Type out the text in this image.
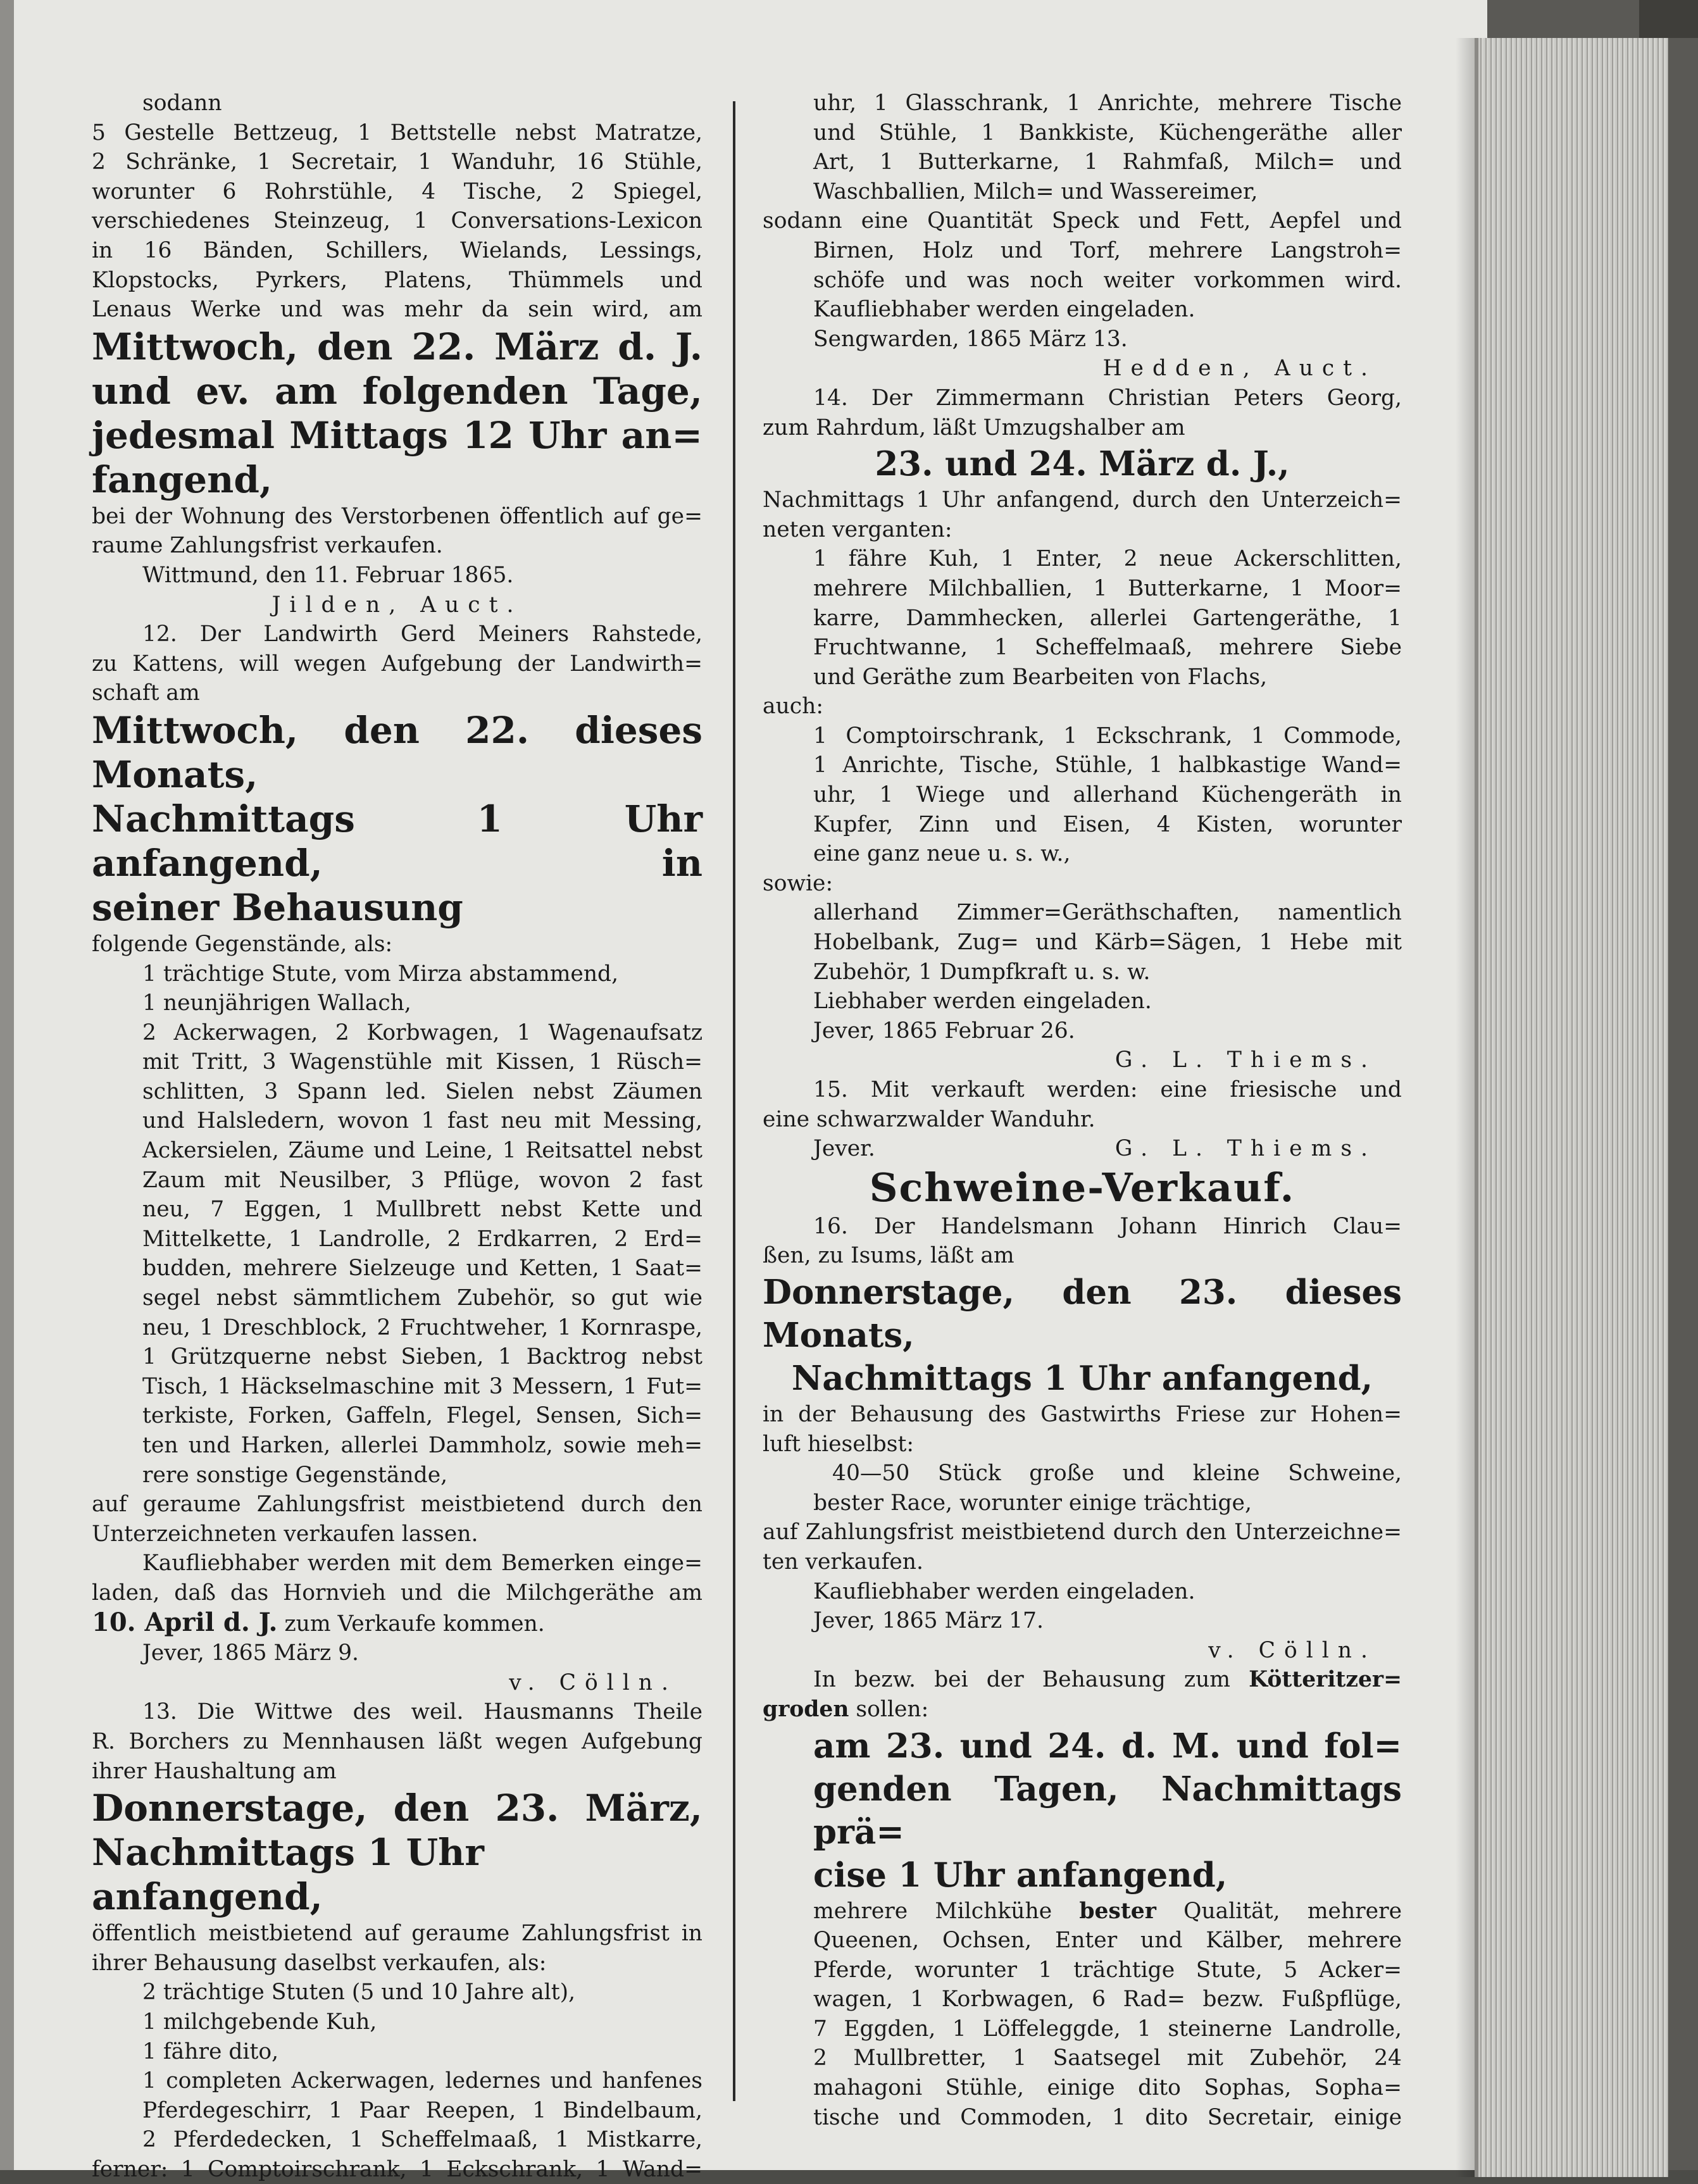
sodann

5 Gestelle Bettzeug, 1 Bettstelle nebst Matratze,

2 Schränke, 1 Secretair, 1 Wanduhr, 16 Stühle,

worunter 6 Rohrstühle, 4 Tische, 2 Spiegel,

verschiedenes Steinzeug, 1 Conversations-Lexicon

in 16 Bänden, Schillers, Wielands, Lessings,

Klopstocks, Pyrkers, Platens, Thümmels und

Lenaus Werke und was mehr da sein wird, am

Mittwoch, den 22. März d. J.

und ev. am folgenden Tage,

jedesmal Mittags 12 Uhr an=

fangend,

bei der Wohnung des Verstorbenen öffentlich auf ge=

raume Zahlungsfrist verkaufen.

Wittmund, den 11. Februar 1865.

Jilden, Auct.

12. Der Landwirth Gerd Meiners Rahstede,

zu Kattens, will wegen Aufgebung der Landwirth=

schaft am

Mittwoch, den 22. dieses Monats,

Nachmittags 1 Uhr anfangend, in

seiner Behausung

folgende Gegenstände, als:

1 trächtige Stute, vom Mirza abstammend,

1 neunjährigen Wallach,

2 Ackerwagen, 2 Korbwagen, 1 Wagenaufsatz

mit Tritt, 3 Wagenstühle mit Kissen, 1 Rüsch=

schlitten, 3 Spann led. Sielen nebst Zäumen

und Halsledern, wovon 1 fast neu mit Messing,

Ackersielen, Zäume und Leine, 1 Reitsattel nebst

Zaum mit Neusilber, 3 Pflüge, wovon 2 fast

neu, 7 Eggen, 1 Mullbrett nebst Kette und

Mittelkette, 1 Landrolle, 2 Erdkarren, 2 Erd=

budden, mehrere Sielzeuge und Ketten, 1 Saat=

segel nebst sämmtlichem Zubehör, so gut wie

neu, 1 Dreschblock, 2 Fruchtweher, 1 Kornraspe,

1 Grützquerne nebst Sieben, 1 Backtrog nebst

Tisch, 1 Häckselmaschine mit 3 Messern, 1 Fut=

terkiste, Forken, Gaffeln, Flegel, Sensen, Sich=

ten und Harken, allerlei Dammholz, sowie meh=

rere sonstige Gegenstände,

auf geraume Zahlungsfrist meistbietend durch den

Unterzeichneten verkaufen lassen.

Kaufliebhaber werden mit dem Bemerken einge=

laden, daß das Hornvieh und die Milchgeräthe am

10. April d. J. zum Verkaufe kommen.

Jever, 1865 März 9.

v. Cölln.

13. Die Wittwe des weil. Hausmanns Theile

R. Borchers zu Mennhausen läßt wegen Aufgebung

ihrer Haushaltung am

Donnerstage, den 23. März,

Nachmittags 1 Uhr anfangend,

öffentlich meistbietend auf geraume Zahlungsfrist in

ihrer Behausung daselbst verkaufen, als:

2 trächtige Stuten (5 und 10 Jahre alt),

1 milchgebende Kuh,

1 fähre dito,

1 completen Ackerwagen, ledernes und hanfenes

Pferdegeschirr, 1 Paar Reepen, 1 Bindelbaum,

2 Pferdedecken, 1 Scheffelmaaß, 1 Mistkarre,

ferner: 1 Comptoirschrank, 1 Eckschrank, 1 Wand=

uhr, 1 Glasschrank, 1 Anrichte, mehrere Tische

und Stühle, 1 Bankkiste, Küchengeräthe aller

Art, 1 Butterkarne, 1 Rahmfaß, Milch= und

Waschballien, Milch= und Wassereimer,

sodann eine Quantität Speck und Fett, Aepfel und

Birnen, Holz und Torf, mehrere Langstroh=

schöfe und was noch weiter vorkommen wird.

Kaufliebhaber werden eingeladen.

Sengwarden, 1865 März 13.

Hedden, Auct.

14. Der Zimmermann Christian Peters Georg,

zum Rahrdum, läßt Umzugshalber am

23. und 24. März d. J.,

Nachmittags 1 Uhr anfangend, durch den Unterzeich=

neten verganten:

1 fähre Kuh, 1 Enter, 2 neue Ackerschlitten,

mehrere Milchballien, 1 Butterkarne, 1 Moor=

karre, Dammhecken, allerlei Gartengeräthe, 1

Fruchtwanne, 1 Scheffelmaaß, mehrere Siebe

und Geräthe zum Bearbeiten von Flachs,

auch:

1 Comptoirschrank, 1 Eckschrank, 1 Commode,

1 Anrichte, Tische, Stühle, 1 halbkastige Wand=

uhr, 1 Wiege und allerhand Küchengeräth in

Kupfer, Zinn und Eisen, 4 Kisten, worunter

eine ganz neue u. s. w.,

sowie:

allerhand Zimmer=Geräthschaften, namentlich

Hobelbank, Zug= und Kärb=Sägen, 1 Hebe mit

Zubehör, 1 Dumpfkraft u. s. w.

Liebhaber werden eingeladen.

Jever, 1865 Februar 26.

G. L. Thiems.

15. Mit verkauft werden: eine friesische und

eine schwarzwalder Wanduhr.

Jever.	G. L. Thiems.

Schweine-Verkauf.

16. Der Handelsmann Johann Hinrich Clau=

ßen, zu Isums, läßt am

Donnerstage, den 23. dieses Monats,

Nachmittags 1 Uhr anfangend,

in der Behausung des Gastwirths Friese zur Hohen=

luft hieselbst:

40—50 Stück große und kleine Schweine,

bester Race, worunter einige trächtige,

auf Zahlungsfrist meistbietend durch den Unterzeichne=

ten verkaufen.

Kaufliebhaber werden eingeladen.

Jever, 1865 März 17.

v. Cölln.

In bezw. bei der Behausung zum Kötteritzer=

groden sollen:

am 23. und 24. d. M. und fol=

genden Tagen, Nachmittags prä=

cise 1 Uhr anfangend,

mehrere Milchkühe bester Qualität, mehrere

Queenen, Ochsen, Enter und Kälber, mehrere

Pferde, worunter 1 trächtige Stute, 5 Acker=

wagen, 1 Korbwagen, 6 Rad= bezw. Fußpflüge,

7 Eggden, 1 Löffeleggde, 1 steinerne Landrolle,

2 Mullbretter, 1 Saatsegel mit Zubehör, 24

mahagoni Stühle, einige dito Sophas, Sopha=

tische und Commoden, 1 dito Secretair, einige
